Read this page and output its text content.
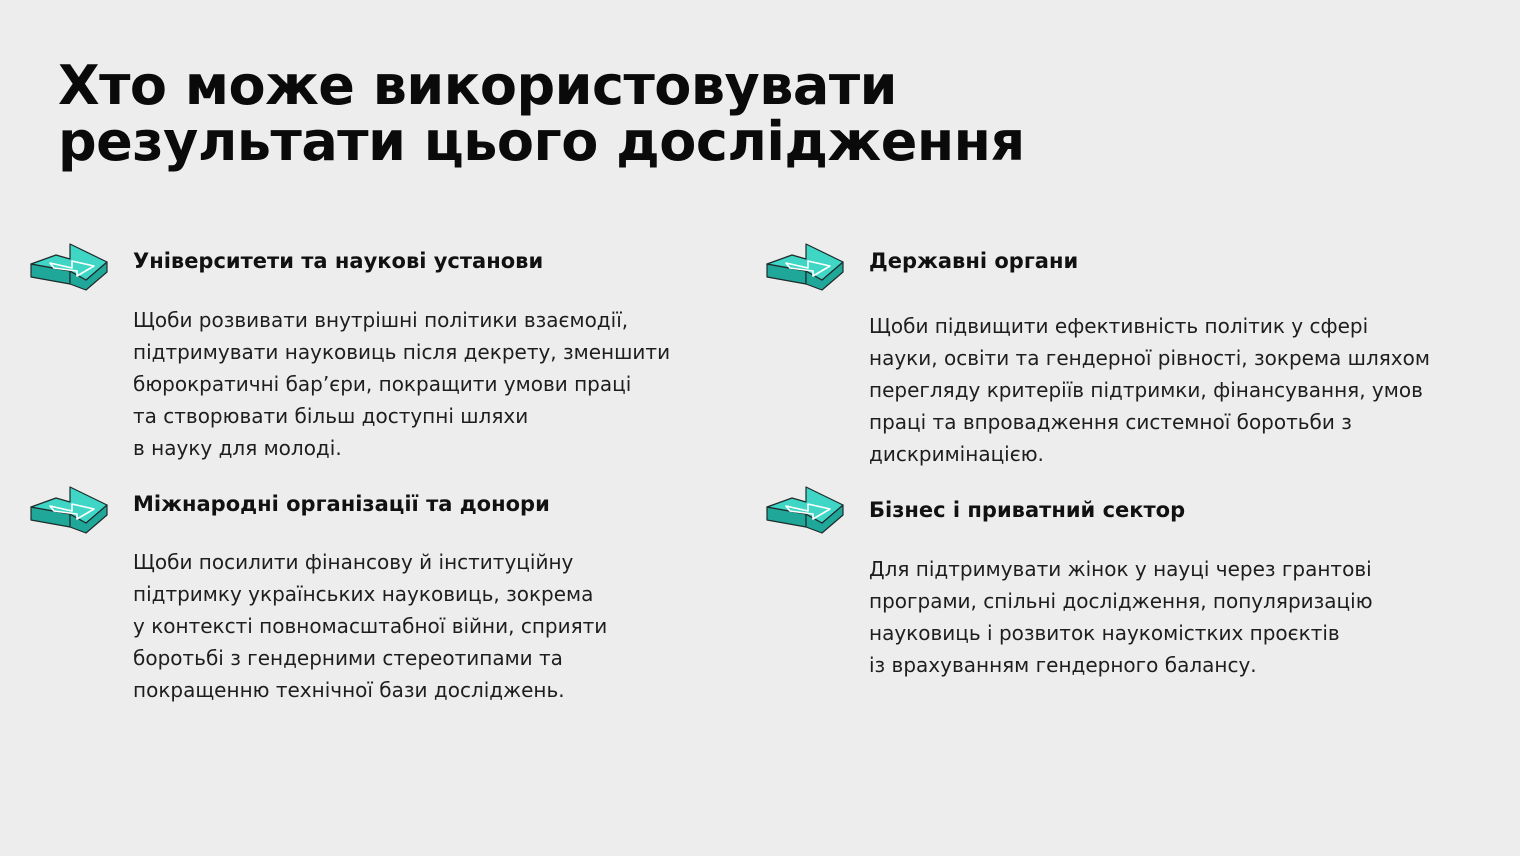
Хто може використовувати
результати цього дослідження
Університети та наукові установи
Щоби розвивати внутрішні політики взаємодії,
підтримувати науковиць після декрету, зменшити
бюрократичні бар’єри, покращити умови праці
та створювати більш доступні шляхи
в науку для молоді.
Державні органи
Щоби підвищити ефективність політик у сфері
науки, освіти та гендерної рівності, зокрема шляхом
перегляду критеріїв підтримки, фінансування, умов
праці та впровадження системної боротьби з
дискримінацією.
Міжнародні організації та донори
Щоби посилити фінансову й інституційну
підтримку українських науковиць, зокрема
у контексті повномасштабної війни, сприяти
боротьбі з гендерними стереотипами та
покращенню технічної бази досліджень.
Бізнес і приватний сектор
Для підтримувати жінок у науці через грантові
програми, спільні дослідження, популяризацію
науковиць і розвиток наукомістких проєктів
із врахуванням гендерного балансу.
